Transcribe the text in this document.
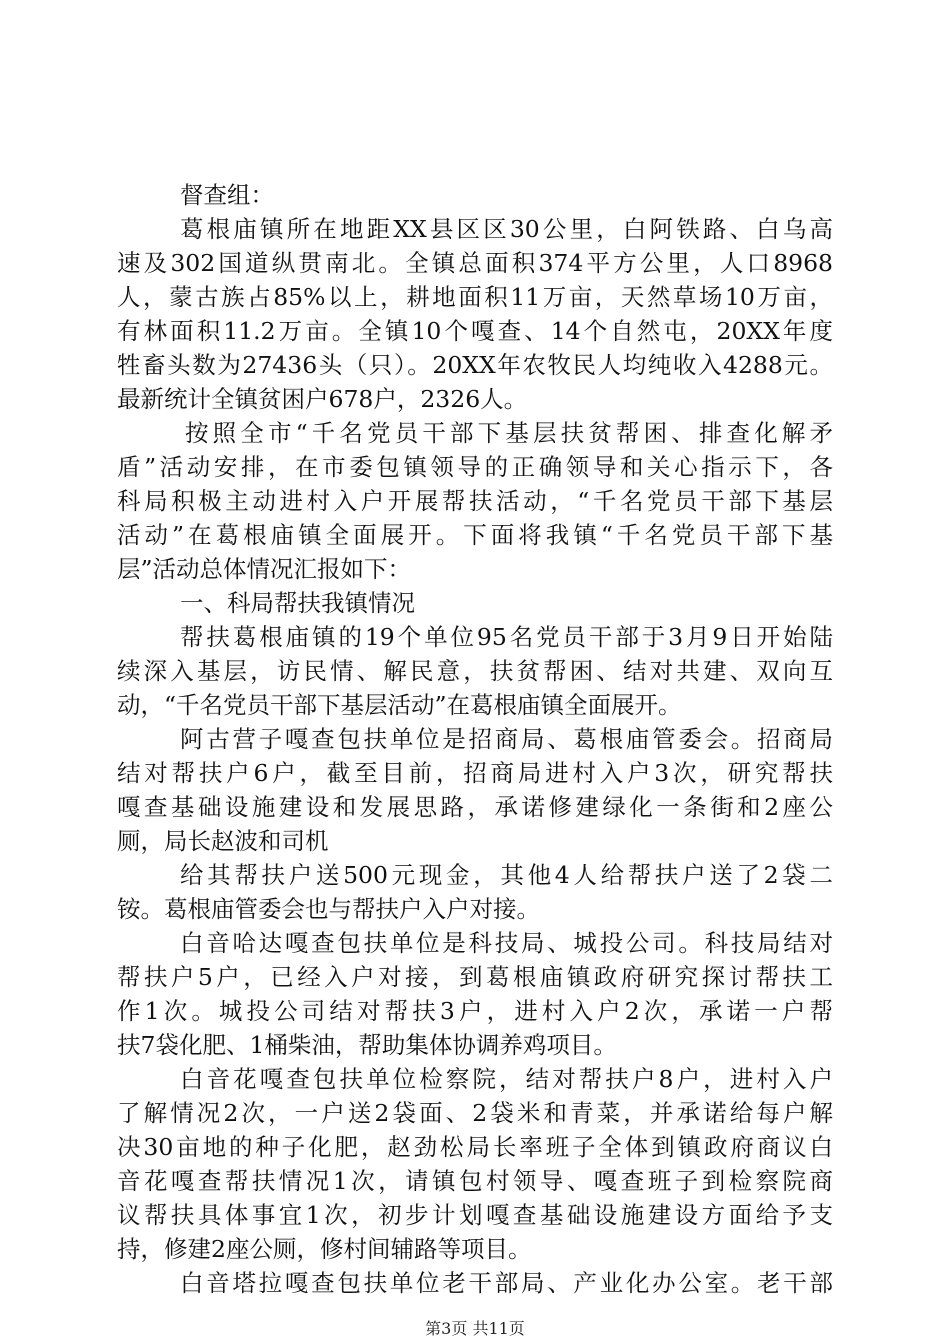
督查组：
葛根庙镇所在地距XX县区区30公里，白阿铁路、白乌高
速及302国道纵贯南北。全镇总面积374平方公里，人口8968
人，蒙古族占85%以上，耕地面积11万亩，天然草场10万亩，
有林面积11.2万亩。全镇10个嘎查、14个自然屯，20XX年度
牲畜头数为27436头（只）。20XX年农牧民人均纯收入4288元。
最新统计全镇贫困户678户，2326人。
按照全市“千名党员干部下基层扶贫帮困、排查化解矛
盾”活动安排，在市委包镇领导的正确领导和关心指示下，各
科局积极主动进村入户开展帮扶活动，“千名党员干部下基层
活动”在葛根庙镇全面展开。下面将我镇“千名党员干部下基
层”活动总体情况汇报如下：
一、科局帮扶我镇情况
帮扶葛根庙镇的19个单位95名党员干部于3月9日开始陆
续深入基层，访民情、解民意，扶贫帮困、结对共建、双向互
动，“千名党员干部下基层活动”在葛根庙镇全面展开。
阿古营子嘎查包扶单位是招商局、葛根庙管委会。招商局
结对帮扶户6户，截至目前，招商局进村入户3次，研究帮扶
嘎查基础设施建设和发展思路，承诺修建绿化一条街和2座公
厕，局长赵波和司机
给其帮扶户送500元现金，其他4人给帮扶户送了2袋二
铵。葛根庙管委会也与帮扶户入户对接。
白音哈达嘎查包扶单位是科技局、城投公司。科技局结对
帮扶户5户，已经入户对接，到葛根庙镇政府研究探讨帮扶工
作1次。城投公司结对帮扶3户，进村入户2次，承诺一户帮
扶7袋化肥、1桶柴油，帮助集体协调养鸡项目。
白音花嘎查包扶单位检察院，结对帮扶户8户，进村入户
了解情况2次，一户送2袋面、2袋米和青菜，并承诺给每户解
决30亩地的种子化肥，赵劲松局长率班子全体到镇政府商议白
音花嘎查帮扶情况1次，请镇包村领导、嘎查班子到检察院商
议帮扶具体事宜1次，初步计划嘎查基础设施建设方面给予支
持，修建2座公厕，修村间辅路等项目。
白音塔拉嘎查包扶单位老干部局、产业化办公室。老干部
第3页 共11页
